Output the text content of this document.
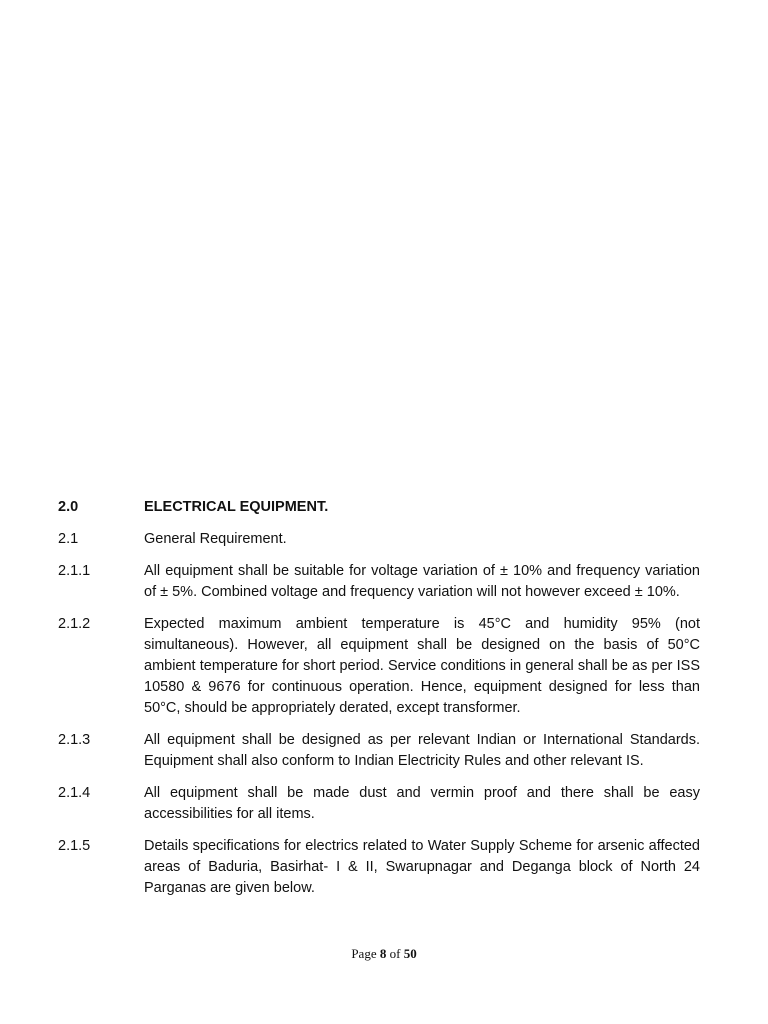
2.0	ELECTRICAL EQUIPMENT.
2.1	General Requirement.
2.1.1	All equipment shall be suitable for voltage variation of ± 10% and frequency variation of ± 5%. Combined voltage and frequency variation will not however exceed ± 10%.
2.1.2	Expected maximum ambient temperature is 45°C and humidity 95% (not simultaneous). However, all equipment shall be designed on the basis of 50°C ambient temperature for short period. Service conditions in general shall be as per ISS 10580 & 9676 for continuous operation. Hence, equipment designed for less than 50°C, should be appropriately derated, except transformer.
2.1.3	All equipment shall be designed as per relevant Indian or International Standards. Equipment shall also conform to Indian Electricity Rules and other relevant IS.
2.1.4	All equipment shall be made dust and vermin proof and there shall be easy accessibilities for all items.
2.1.5	Details specifications for electrics related to Water Supply Scheme for arsenic affected areas of Baduria, Basirhat- I & II, Swarupnagar and Deganga block of North 24 Parganas are given below.
Page 8 of 50
